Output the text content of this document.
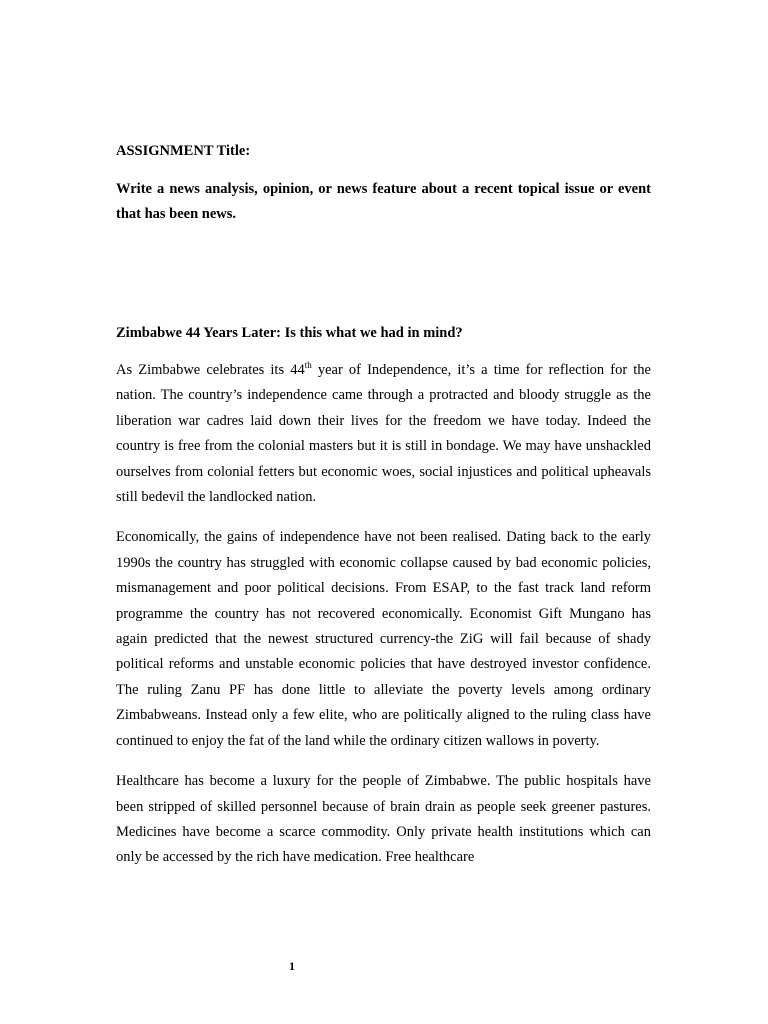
ASSIGNMENT Title:

Write a news analysis, opinion, or news feature about a recent topical issue or event that has been news.

Zimbabwe 44 Years Later: Is this what we had in mind?

As Zimbabwe celebrates its 44th year of Independence, it’s a time for reflection for the nation. The country’s independence came through a protracted and bloody struggle as the liberation war cadres laid down their lives for the freedom we have today. Indeed the country is free from the colonial masters but it is still in bondage. We may have unshackled ourselves from colonial fetters but economic woes, social injustices and political upheavals still bedevil the landlocked nation.

Economically, the gains of independence have not been realised. Dating back to the early 1990s the country has struggled with economic collapse caused by bad economic policies, mismanagement and poor political decisions. From ESAP, to the fast track land reform programme the country has not recovered economically. Economist Gift Mungano has again predicted that the newest structured currency-the ZiG will fail because of shady political reforms and unstable economic policies that have destroyed investor confidence. The ruling Zanu PF has done little to alleviate the poverty levels among ordinary Zimbabweans. Instead only a few elite, who are politically aligned to the ruling class have continued to enjoy the fat of the land while the ordinary citizen wallows in poverty.

Healthcare has become a luxury for the people of Zimbabwe. The public hospitals have been stripped of skilled personnel because of brain drain as people seek greener pastures. Medicines have become a scarce commodity. Only private health institutions which can only be accessed by the rich have medication. Free healthcare

1
